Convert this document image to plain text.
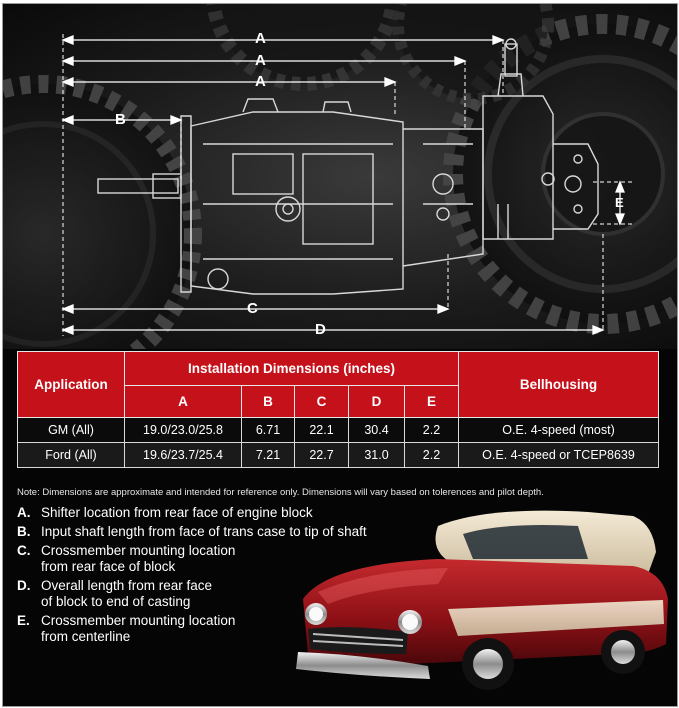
A
A
A
B
C
D
E
Application	Installation Dimensions (inches)					Bellhousing
	A	B	C	D	E	
GM (All)	19.0/23.0/25.8	6.71	22.1	30.4	2.2	O.E. 4-speed (most)
Ford (All)	19.6/23.7/25.4	7.21	22.7	31.0	2.2	O.E. 4-speed or TCEP8639
Note: Dimensions are approximate and intended for reference only. Dimensions will vary based on tolerences and pilot depth.
A. Shifter location from rear face of engine block
B. Input shaft length from face of trans case to tip of shaft
C. Crossmember mounting location
from rear face of block
D. Overall length from rear face
of block to end of casting
E. Crossmember mounting location
from centerline
